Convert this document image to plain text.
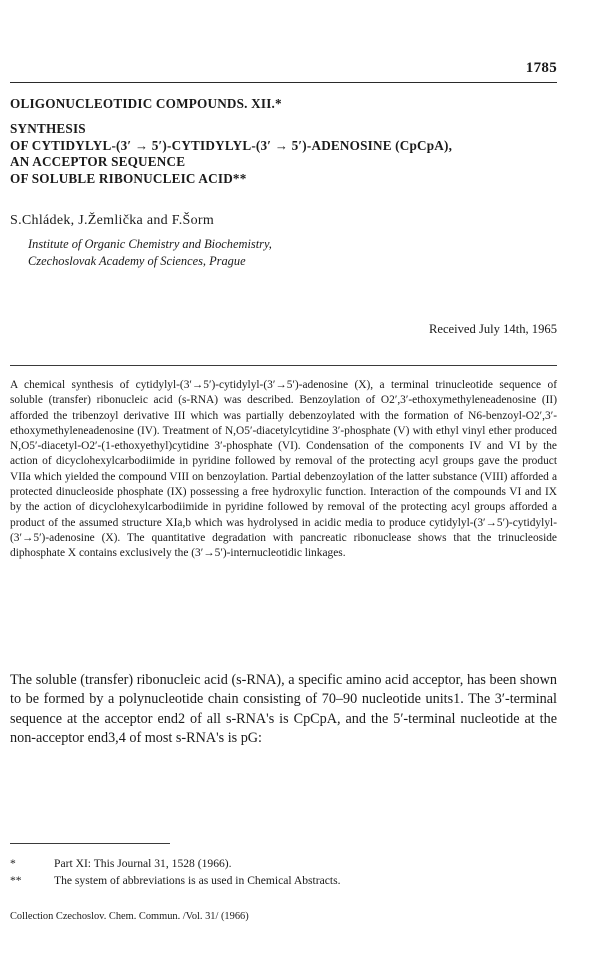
1785
OLIGONUCLEOTIDIC COMPOUNDS. XII.*
SYNTHESIS
OF CYTIDYLYL-(3′ → 5′)-CYTIDYLYL-(3′ → 5′)-ADENOSINE (CpCpA),
AN ACCEPTOR SEQUENCE
OF SOLUBLE RIBONUCLEIC ACID**
S.Chládek, J.Žemlička and F.Šorm
Institute of Organic Chemistry and Biochemistry,
Czechoslovak Academy of Sciences, Prague
Received July 14th, 1965

A chemical synthesis of cytidylyl-(3′→5′)-cytidylyl-(3′→5′)-adenosine (X), a terminal trinucleotide sequence of soluble (transfer) ribonucleic acid (s-RNA) was described. Benzoylation of O2′,3′-ethoxymethyleneadenosine (II) afforded the tribenzoyl derivative III which was partially debenzoylated with the formation of N6-benzoyl-O2′,3′-ethoxymethyleneadenosine (IV). Treatment of N,O5′-diacetylcytidine 3′-phosphate (V) with ethyl vinyl ether produced N,O5′-diacetyl-O2′-(1-ethoxyethyl)cytidine 3′-phosphate (VI). Condensation of the components IV and VI by the action of dicyclohexylcarbodiimide in pyridine followed by removal of the protecting acyl groups gave the product VIIa which yielded the compound VIII on benzoylation. Partial debenzoylation of the latter substance (VIII) afforded a protected dinucleoside phosphate (IX) possessing a free hydroxylic function. Interaction of the compounds VI and IX by the action of dicyclohexylcarbodiimide in pyridine followed by removal of the protecting acyl groups afforded a product of the assumed structure XIa,b which was hydrolysed in acidic media to produce cytidylyl-(3′→5′)-cytidylyl-(3′→5′)-adenosine (X). The quantitative degradation with pancreatic ribonuclease shows that the trinucleoside diphosphate X contains exclusively the (3′→5′)-internucleotidic linkages.

The soluble (transfer) ribonucleic acid (s-RNA), a specific amino acid acceptor, has been shown to be formed by a polynucleotide chain consisting of 70–90 nucleotide units1. The 3′-terminal sequence at the acceptor end2 of all s-RNA's is CpCpA, and the 5′-terminal nucleotide at the non-acceptor end3,4 of most s-RNA's is pG:

*	Part XI: This Journal 31, 1528 (1966).
**	The system of abbreviations is as used in Chemical Abstracts.
Collection Czechoslov. Chem. Commun. /Vol. 31/ (1966)
